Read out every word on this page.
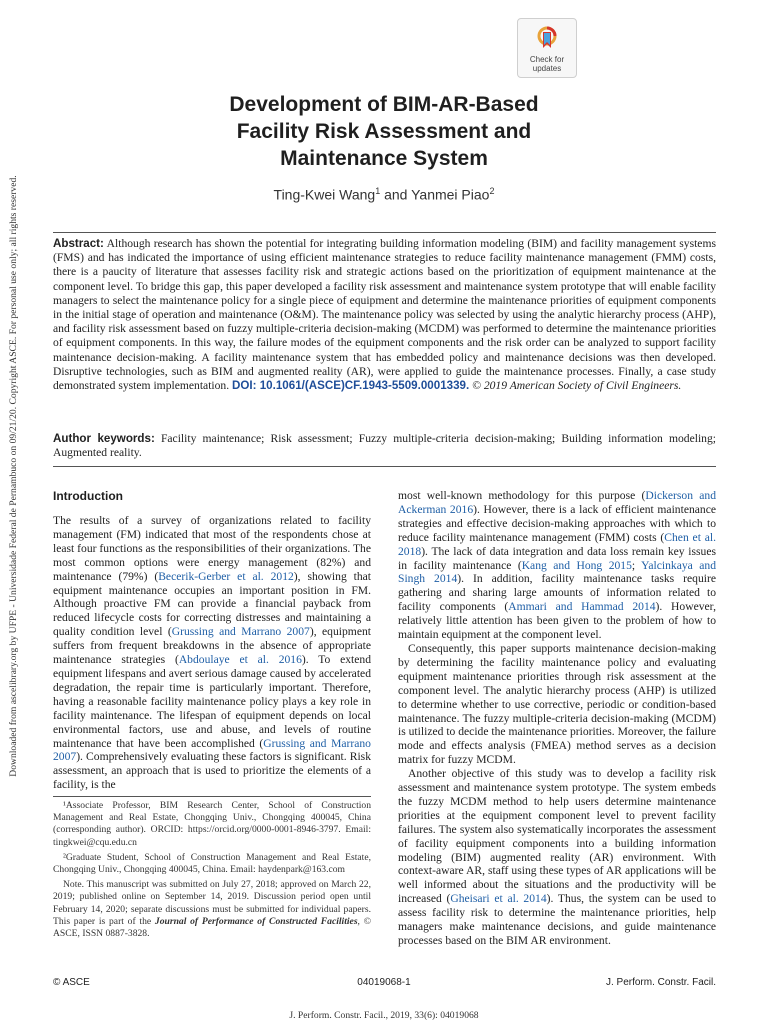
Downloaded from ascelibrary.org by UFPE - Universidade Federal de Pernambuco on 09/21/20. Copyright ASCE. For personal use only; all rights reserved.
Check for
updates
Development of BIM-AR-Based
Facility Risk Assessment and
Maintenance System
Ting-Kwei Wang$^1$ and Yanmei Piao$^2$
Abstract: Although research has shown the potential for integrating building information modeling (BIM) and facility management systems (FMS) and has indicated the importance of using efficient maintenance strategies to reduce facility maintenance management (FMM) costs, there is a paucity of literature that assesses facility risk and strategic actions based on the prioritization of equipment maintenance at the component level. To bridge this gap, this paper developed a facility risk assessment and maintenance system prototype that will enable facility managers to select the maintenance policy for a single piece of equipment and determine the maintenance priorities of equipment components in the initial stage of operation and maintenance (O&M). The maintenance policy was selected by using the analytic hierarchy process (AHP), and facility risk assessment based on fuzzy multiple-criteria decision-making (MCDM) was performed to determine the maintenance priorities of equipment components. In this way, the failure modes of the equipment components and the risk order can be analyzed to support facility maintenance decision-making. A facility maintenance system that has embedded policy and maintenance decisions was then developed. Disruptive technologies, such as BIM and augmented reality (AR), were applied to guide the maintenance processes. Finally, a case study demonstrated system implementation. DOI: 10.1061/(ASCE)CF.1943-5509.0001339. © 2019 American Society of Civil Engineers.
Author keywords: Facility maintenance; Risk assessment; Fuzzy multiple-criteria decision-making; Building information modeling; Augmented reality.
Introduction

The results of a survey of organizations related to facility management (FM) indicated that most of the respondents chose at least four functions as the responsibilities of their organizations. The most common options were energy management (82%) and maintenance (79%) (Becerik-Gerber et al. 2012), showing that equipment maintenance occupies an important position in FM. Although proactive FM can provide a financial payback from reduced lifecycle costs for correcting distresses and maintaining a quality condition level (Grussing and Marrano 2007), equipment suffers from frequent breakdowns in the absence of appropriate maintenance strategies (Abdoulaye et al. 2016). To extend equipment lifespans and avert serious damage caused by accelerated degradation, the repair time is particularly important. Therefore, having a reasonable facility maintenance policy plays a key role in facility maintenance. The lifespan of equipment depends on local environmental factors, use and abuse, and levels of routine maintenance that have been accomplished (Grussing and Marrano 2007). Comprehensively evaluating these factors is significant. Risk assessment, an approach that is used to prioritize the elements of a facility, is the

¹Associate Professor, BIM Research Center, School of Construction Management and Real Estate, Chongqing Univ., Chongqing 400045, China (corresponding author). ORCID: https://orcid.org/0000-0001-8946-3797. Email: tingkwei@cqu.edu.cn

²Graduate Student, School of Construction Management and Real Estate, Chongqing Univ., Chongqing 400045, China. Email: haydenpark@163.com

Note. This manuscript was submitted on July 27, 2018; approved on March 22, 2019; published online on September 14, 2019. Discussion period open until February 14, 2020; separate discussions must be submitted for individual papers. This paper is part of the Journal of Performance of Constructed Facilities, © ASCE, ISSN 0887-3828.

most well-known methodology for this purpose (Dickerson and Ackerman 2016). However, there is a lack of efficient maintenance strategies and effective decision-making approaches with which to reduce facility maintenance management (FMM) costs (Chen et al. 2018). The lack of data integration and data loss remain key issues in facility maintenance (Kang and Hong 2015; Yalcinkaya and Singh 2014). In addition, facility maintenance tasks require gathering and sharing large amounts of information related to facility components (Ammari and Hammad 2014). However, relatively little attention has been given to the problem of how to maintain equipment at the component level.

Consequently, this paper supports maintenance decision-making by determining the facility maintenance policy and evaluating equipment maintenance priorities through risk assessment at the component level. The analytic hierarchy process (AHP) is utilized to determine whether to use corrective, periodic or condition-based maintenance. The fuzzy multiple-criteria decision-making (MCDM) is utilized to decide the maintenance priorities. Moreover, the failure mode and effects analysis (FMEA) method serves as a decision matrix for fuzzy MCDM.

Another objective of this study was to develop a facility risk assessment and maintenance system prototype. The system embeds the fuzzy MCDM method to help users determine maintenance priorities at the equipment component level to prevent facility failures. The system also systematically incorporates the assessment of facility equipment components into a building information modeling (BIM) augmented reality (AR) environment. With context-aware AR, staff using these types of AR applications will be well informed about the situations and the productivity will be increased (Gheisari et al. 2014). Thus, the system can be used to assess facility risk to determine the maintenance priorities, help managers make maintenance decisions, and guide maintenance processes based on the BIM AR environment.

© ASCE	04019068-1	J. Perform. Constr. Facil.
J. Perform. Constr. Facil., 2019, 33(6): 04019068
